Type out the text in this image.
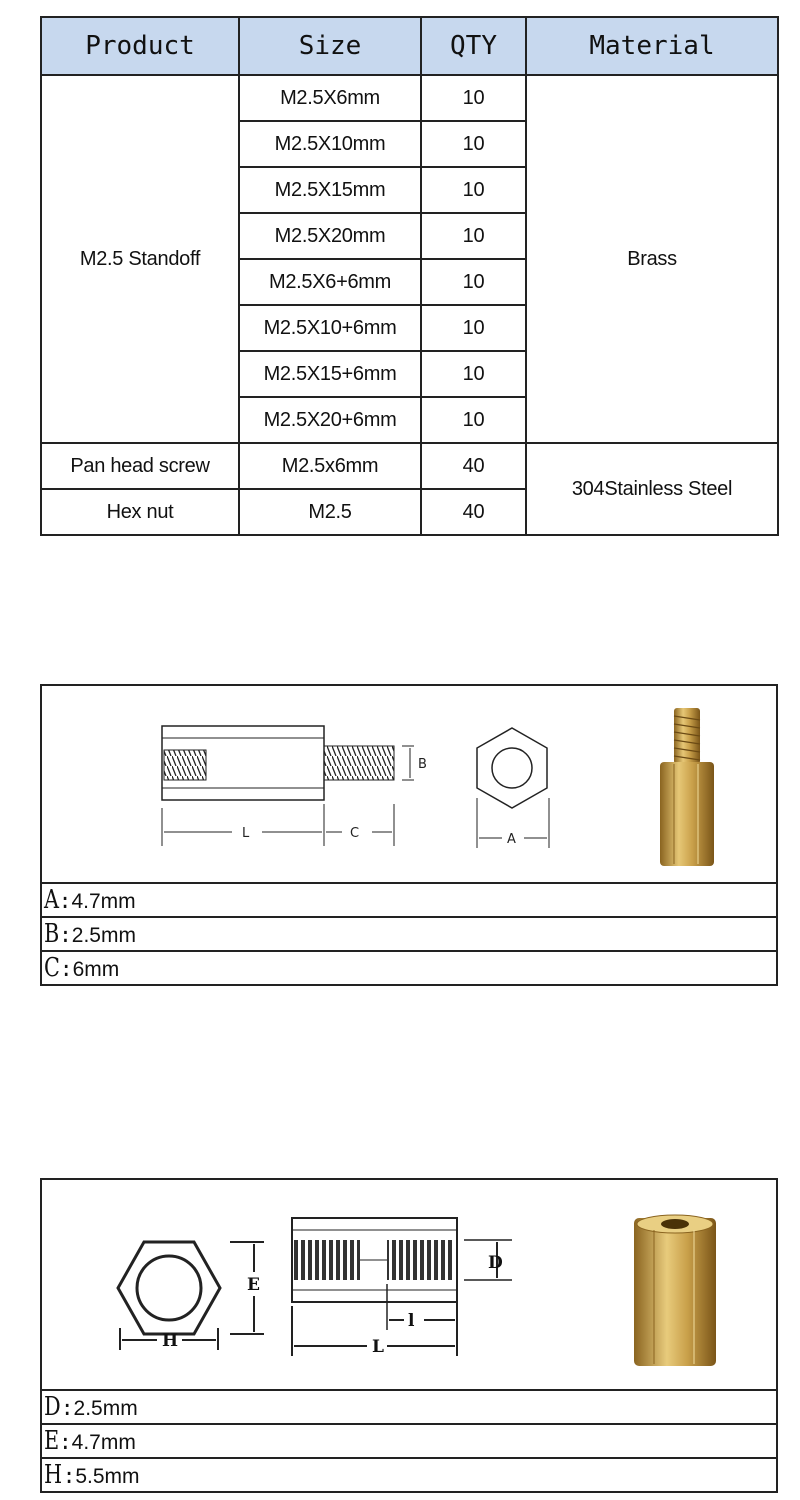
Product	Size	QTY	Material
M2.5 Standoff	M2.5X6mm	10	Brass
	M2.5X10mm	10	
	M2.5X15mm	10	
	M2.5X20mm	10	
	M2.5X6+6mm	10	
	M2.5X10+6mm	10	
	M2.5X15+6mm	10	
	M2.5X20+6mm	10	
Pan head screw	M2.5x6mm	40	304Stainless Steel
Hex nut	M2.5	40	
B
L	C	A
A:4.7mm
B:2.5mm
C:6mm
H
E
D
l
L
D:2.5mm
E:4.7mm
H:5.5mm
